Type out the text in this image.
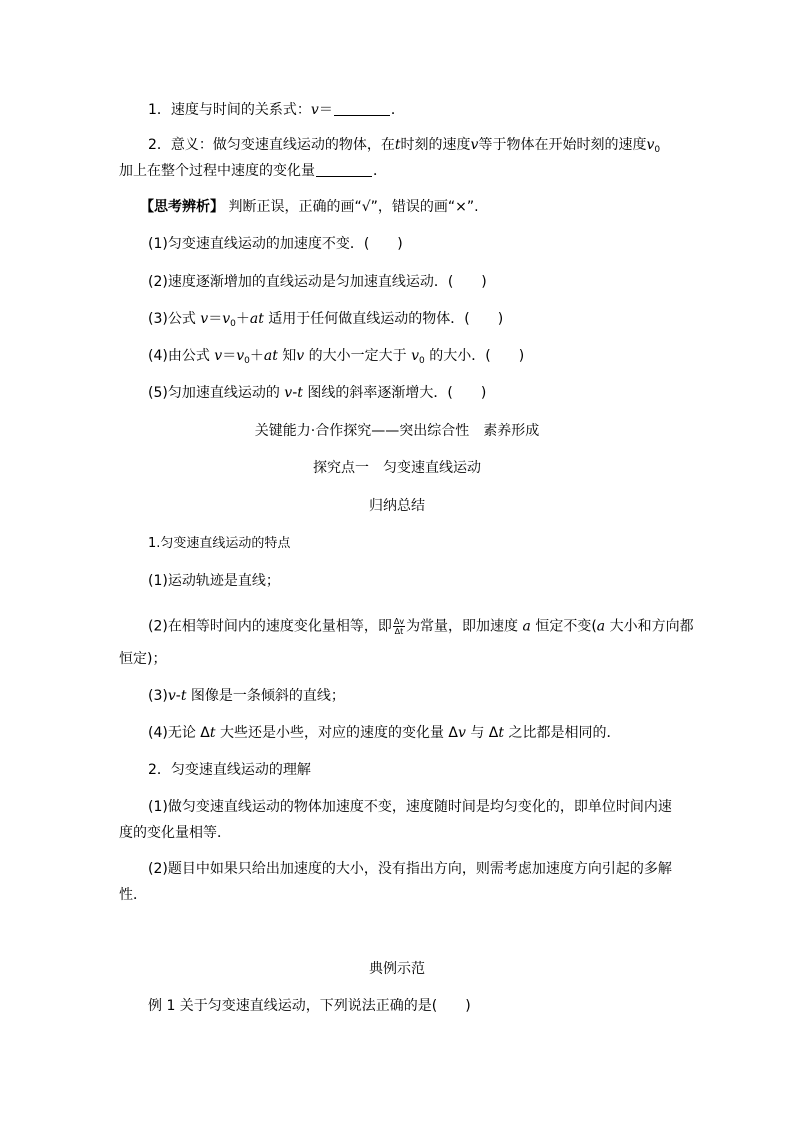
1．速度与时间的关系式：v＝	．
2．意义：做匀变速直线运动的物体，在t时刻的速度v等于物体在开始时刻的速度$v_0$
加上在整个过程中速度的变化量	．
【思考辨析】 判断正误，正确的画“√”，错误的画“×”.
(1)匀变速直线运动的加速度不变．(　　)
(2)速度逐渐增加的直线运动是匀加速直线运动．(　　)
(3)公式 $v=v_0+at$ 适用于任何做直线运动的物体．(　　)
(4)由公式 $v=v_0+at$ 知v 的大小一定大于 $v_0$ 的大小．(　　)
(5)匀加速直线运动的 v-t 图线的斜率逐渐增大．(　　)
关键能力·合作探究——突出综合性　素养形成
探究点一　匀变速直线运动
归纳总结
1.匀变速直线运动的特点
(1)运动轨迹是直线；
(2)在相等时间内的速度变化量相等，即 $\frac{\Delta v}{\Delta t}$ 为常量，即加速度 a 恒定不变(a 大小和方向都
恒定)；
(3)v-t 图像是一条倾斜的直线；
(4)无论 Δt 大些还是小些，对应的速度的变化量 Δv 与 Δt 之比都是相同的．
2．匀变速直线运动的理解
(1)做匀变速直线运动的物体加速度不变，速度随时间是均匀变化的，即单位时间内速
度的变化量相等．
(2)题目中如果只给出加速度的大小，没有指出方向，则需考虑加速度方向引起的多解
性．
典例示范
例 1 关于匀变速直线运动，下列说法正确的是(　　)
